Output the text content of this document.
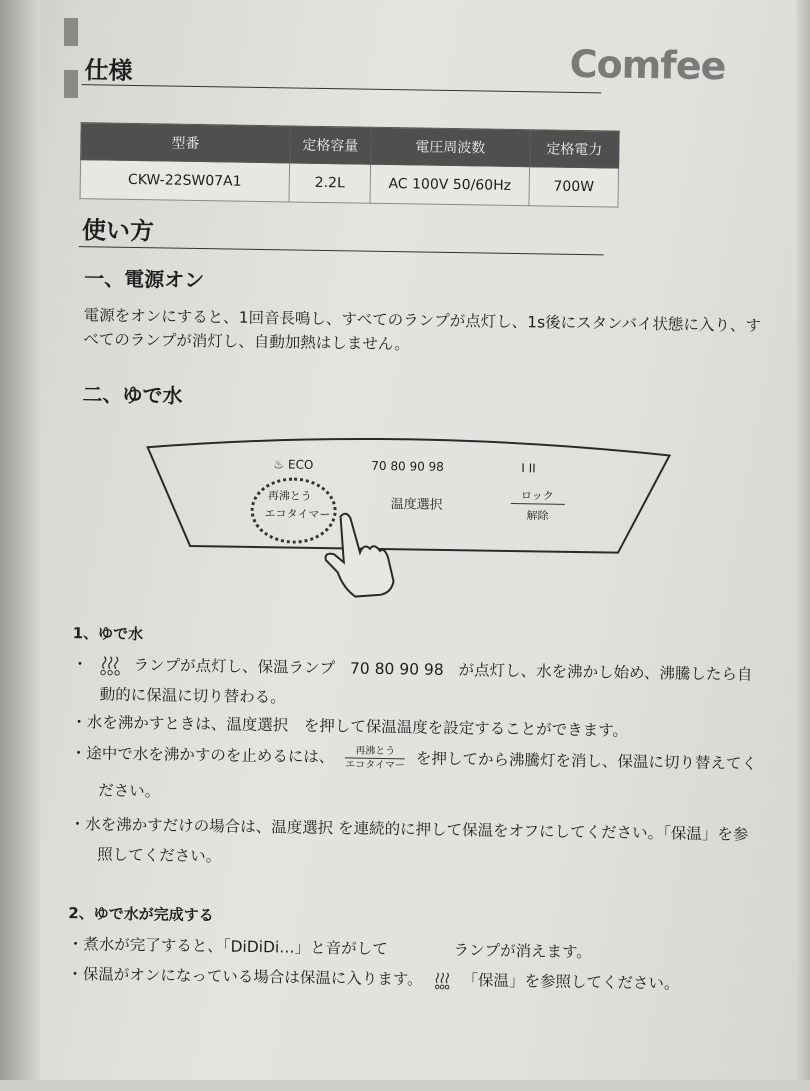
仕様	Comfee
型番	定格容量	電圧周波数	定格電力
CKW-22SW07A1	2.2L	AC 100V 50/60Hz	700W
使い方
一、電源オン
電源をオンにすると、1回音長鳴し、すべてのランプが点灯し、1s後にスタンバイ状態に入り、す
べてのランプが消灯し、自動加熱はしません。
二、ゆで水
♨ ECO	70 80 90 98	I II
再沸とう
エコタイマー
温度選択
ロック
解除
1、ゆで水
・	ランプが点灯し、保温ランプ 70 80 90 98 が点灯し、水を沸かし始め、沸騰したら自
動的に保温に切り替わる。
・水を沸かすときは、温度選択　を押して保温温度を設定することができます。
・途中で水を沸かすのを止めるには、	再沸とう
エコタイマー を押してから沸騰灯を消し、保温に切り替えてく
ださい。
・水を沸かすだけの場合は、温度選択 を連続的に押して保温をオフにしてください。「保温」を参
照してください。
2、ゆで水が完成する
・煮水が完了すると、「DiDiDi…」と音がして	ランプが消えます。
・保温がオンになっている場合は保温に入ります。	「保温」を参照してください。
